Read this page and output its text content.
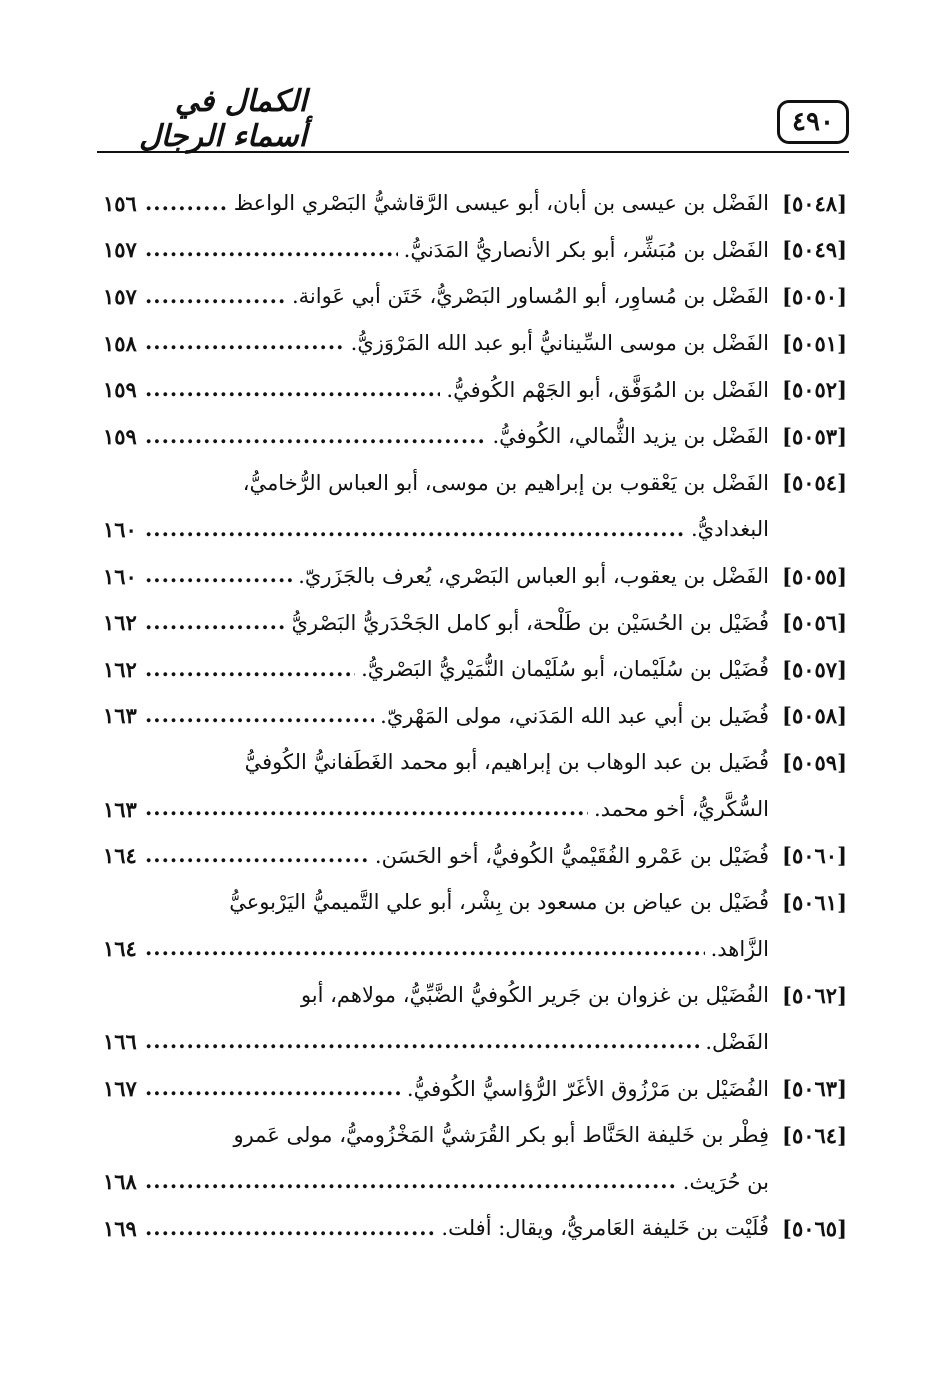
٤٩٠
الكمال في أسماء الرجال
[٥٠٤٨]
الفَضْل بن عيسى بن أبان، أبو عيسى الرَّقاشيُّ البَصْري الواعظ
.....
١٥٦
[٥٠٤٩]
الفَضْل بن مُبَشِّر، أبو بكر الأنصاريُّ المَدَنيُّ.
.....
١٥٧
[٥٠٥٠]
الفَضْل بن مُساوِر، أبو المُساور البَصْريُّ، خَتَن أبي عَوانة.
.....
١٥٧
[٥٠٥١]
الفَضْل بن موسى السِّينانيُّ أبو عبد الله المَرْوَزيُّ.
.....
١٥٨
[٥٠٥٢]
الفَضْل بن المُوَفَّق، أبو الجَهْم الكُوفيُّ.
.....
١٥٩
[٥٠٥٣]
الفَضْل بن يزيد الثُّمالي، الكُوفيُّ.
.....
١٥٩
[٥٠٥٤]
الفَضْل بن يَعْقوب بن إبراهيم بن موسى، أبو العباس الرُّخاميُّ،
البغداديُّ.
.....
١٦٠
[٥٠٥٥]
الفَضْل بن يعقوب، أبو العباس البَصْري، يُعرف بالجَزَريّ.
.....
١٦٠
[٥٠٥٦]
فُضَيْل بن الحُسَيْن بن طَلْحة، أبو كامل الجَحْدَريُّ البَصْريُّ
.....
١٦٢
[٥٠٥٧]
فُضَيْل بن سُلَيْمان، أبو سُلَيْمان النُّمَيْريُّ البَصْريُّ.
.....
١٦٢
[٥٠٥٨]
فُضَيل بن أبي عبد الله المَدَني، مولى المَهْريّ.
.....
١٦٣
[٥٠٥٩]
فُضَيل بن عبد الوهاب بن إبراهيم، أبو محمد الغَطَفانيُّ الكُوفيُّ
السُّكَّريُّ، أخو محمد.
.....
١٦٣
[٥٠٦٠]
فُضَيْل بن عَمْرو الفُقَيْميُّ الكُوفيُّ، أخو الحَسَن.
.....
١٦٤
[٥٠٦١]
فُضَيْل بن عياض بن مسعود بن بِشْر، أبو علي التَّميميُّ اليَرْبوعيُّ
الزَّاهد.
.....
١٦٤
[٥٠٦٢]
الفُضَيْل بن غزوان بن جَرير الكُوفيُّ الضَّبِّيُّ، مولاهم، أبو
الفَضْل.
.....
١٦٦
[٥٠٦٣]
الفُضَيْل بن مَرْزُوق الأغَرّ الرُّؤاسيُّ الكُوفيُّ.
.....
١٦٧
[٥٠٦٤]
فِطْر بن خَليفة الحَنَّاط أبو بكر القُرَشيُّ المَخْزُوميُّ، مولى عَمرو
بن حُرَيث.
.....
١٦٨
[٥٠٦٥]
فُلَيْت بن خَليفة العَامريُّ، ويقال: أفلت.
.....
١٦٩
